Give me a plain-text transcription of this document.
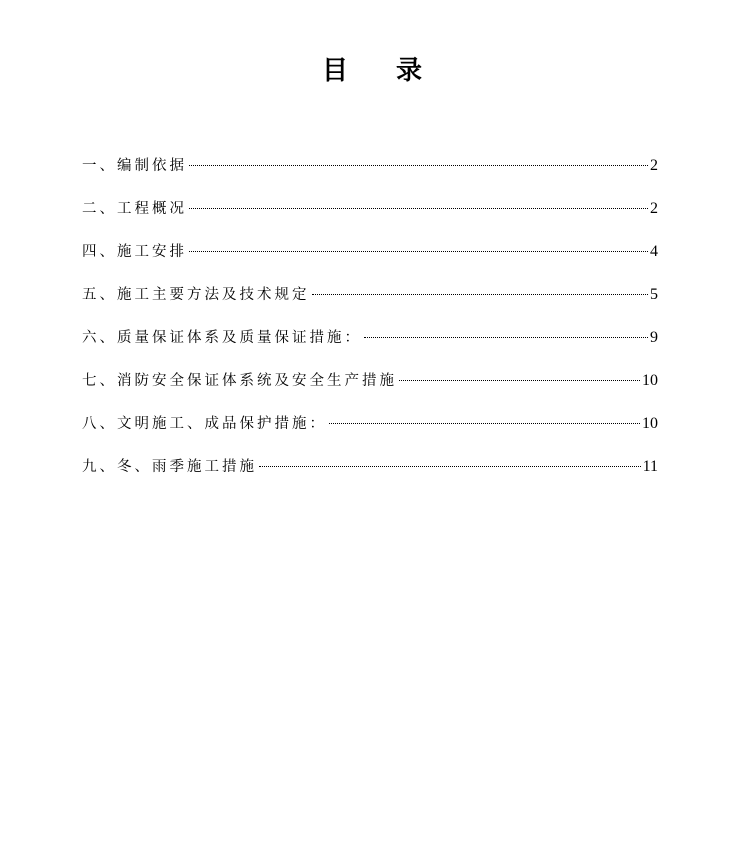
目录
一、编制依据	2
二、工程概况	2
四、施工安排	4
五、施工主要方法及技术规定	5
六、质量保证体系及质量保证措施：	9
七、消防安全保证体系统及安全生产措施	10
八、文明施工、成品保护措施：	10
九、冬、雨季施工措施	11
